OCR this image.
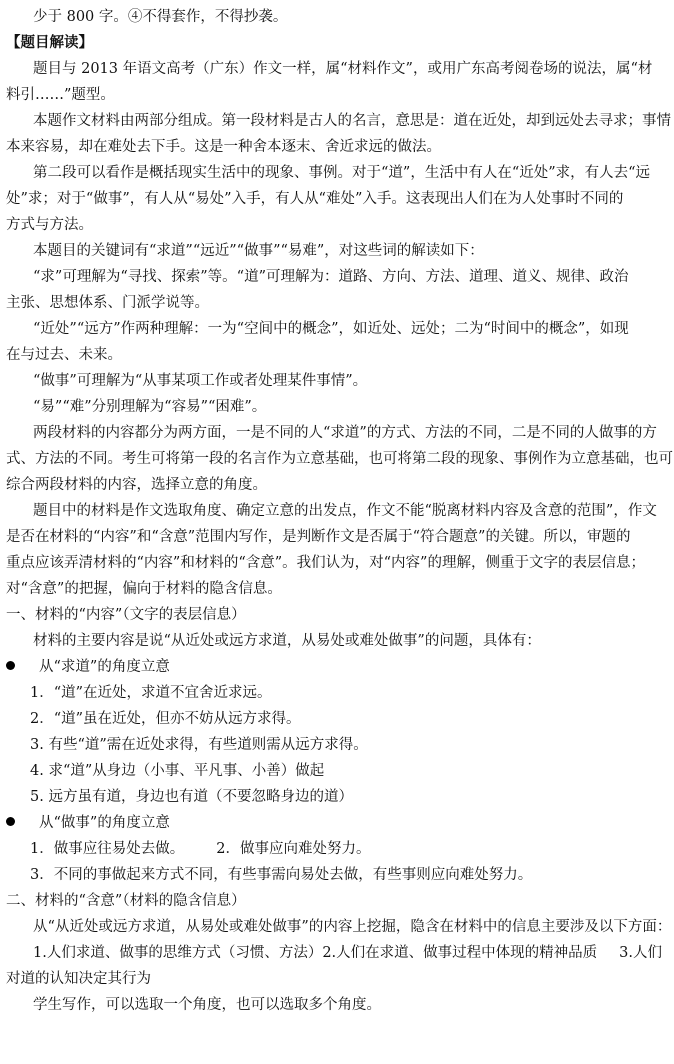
少于 800 字。④不得套作，不得抄袭。
【题目解读】
题目与 2013 年语文高考（广东）作文一样，属“材料作文”，或用广东高考阅卷场的说法，属“材
料引……”题型。
本题作文材料由两部分组成。第一段材料是古人的名言，意思是：道在近处，却到远处去寻求；事情
本来容易，却在难处去下手。这是一种舍本逐末、舍近求远的做法。
第二段可以看作是概括现实生活中的现象、事例。对于“道”，生活中有人在“近处”求，有人去“远
处”求；对于“做事”，有人从“易处”入手，有人从“难处”入手。这表现出人们在为人处事时不同的
方式与方法。
本题目的关键词有“求道”“远近”“做事”“易难”，对这些词的解读如下：
“求”可理解为“寻找、探索”等。“道”可理解为：道路、方向、方法、道理、道义、规律、政治
主张、思想体系、门派学说等。
“近处”“远方”作两种理解：一为“空间中的概念”，如近处、远处；二为“时间中的概念”，如现
在与过去、未来。
“做事”可理解为“从事某项工作或者处理某件事情”。
“易”“难”分别理解为“容易”“困难”。
两段材料的内容都分为两方面，一是不同的人“求道”的方式、方法的不同，二是不同的人做事的方
式、方法的不同。考生可将第一段的名言作为立意基础，也可将第二段的现象、事例作为立意基础，也可
综合两段材料的内容，选择立意的角度。
题目中的材料是作文选取角度、确定立意的出发点，作文不能“脱离材料内容及含意的范围”，作文
是否在材料的“内容”和“含意”范围内写作，是判断作文是否属于“符合题意”的关键。所以，审题的
重点应该弄清材料的“内容”和材料的“含意”。我们认为，对“内容”的理解，侧重于文字的表层信息；
对“含意”的把握，偏向于材料的隐含信息。
一、材料的“内容”（文字的表层信息）
材料的主要内容是说“从近处或远方求道，从易处或难处做事”的问题，具体有：
从“求道”的角度立意
1．“道”在近处，求道不宜舍近求远。
2．“道”虽在近处，但亦不妨从远方求得。
3. 有些“道”需在近处求得，有些道则需从远方求得。
4. 求“道”从身边（小事、平凡事、小善）做起
5. 远方虽有道，身边也有道（不要忽略身边的道）
从“做事”的角度立意
1．做事应往易处去做。 2．做事应向难处努力。
3．不同的事做起来方式不同，有些事需向易处去做，有些事则应向难处努力。
二、材料的“含意”（材料的隐含信息）
从“从近处或远方求道，从易处或难处做事”的内容上挖掘，隐含在材料中的信息主要涉及以下方面：
1.人们求道、做事的思维方式（习惯、方法）2.人们在求道、做事过程中体现的精神品质 3.人们
对道的认知决定其行为
学生写作，可以选取一个角度，也可以选取多个角度。
